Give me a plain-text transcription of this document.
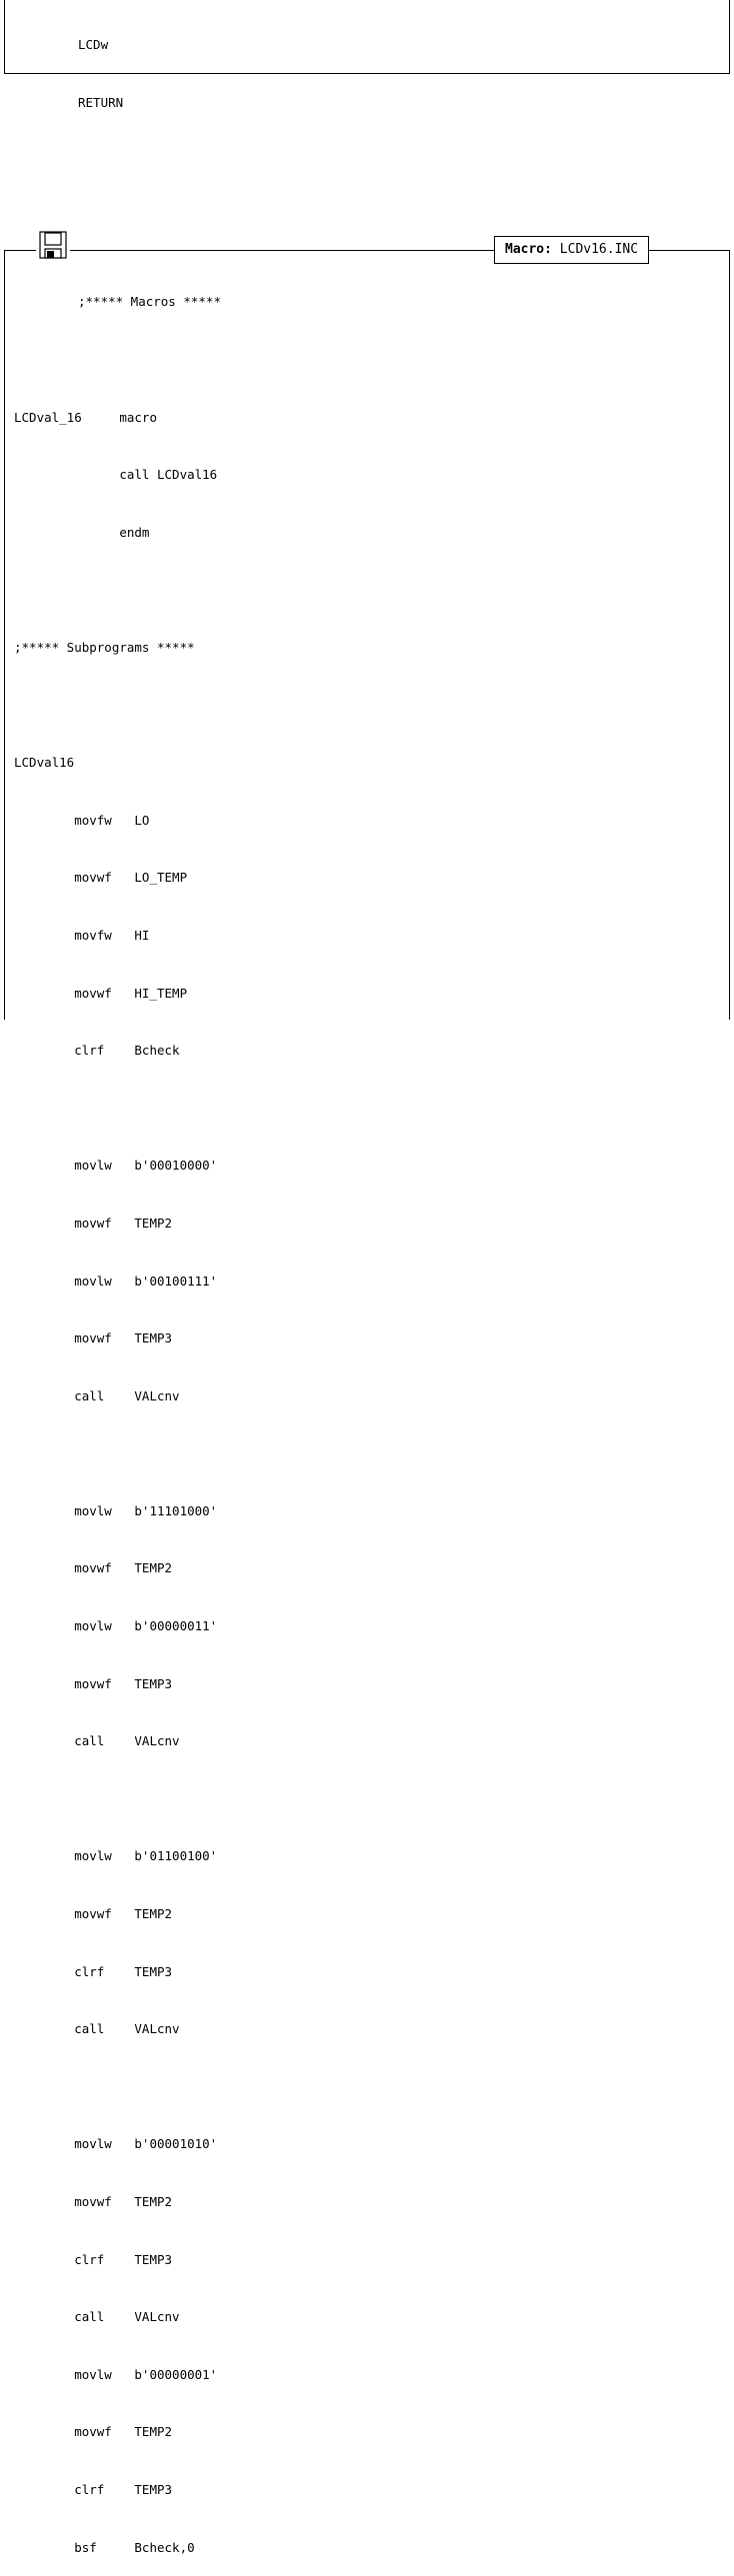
LCDw

RETURN

Macro: LCDv16.INC

;***** Macros *****

LCDval_16     macro

call LCDval16

endm

;***** Subprograms *****

LCDval16

movfw   LO

movwf   LO_TEMP

movfw   HI

movwf   HI_TEMP

clrf    Bcheck

movlw   b'00010000'

movwf   TEMP2

movlw   b'00100111'

movwf   TEMP3

call    VALcnv

movlw   b'11101000'

movwf   TEMP2

movlw   b'00000011'

movwf   TEMP3

call    VALcnv

movlw   b'01100100'

movwf   TEMP2

clrf    TEMP3

call    VALcnv

movlw   b'00001010'

movwf   TEMP2

clrf    TEMP3

call    VALcnv

movlw   b'00000001'

movwf   TEMP2

clrf    TEMP3

bsf     Bcheck,0
